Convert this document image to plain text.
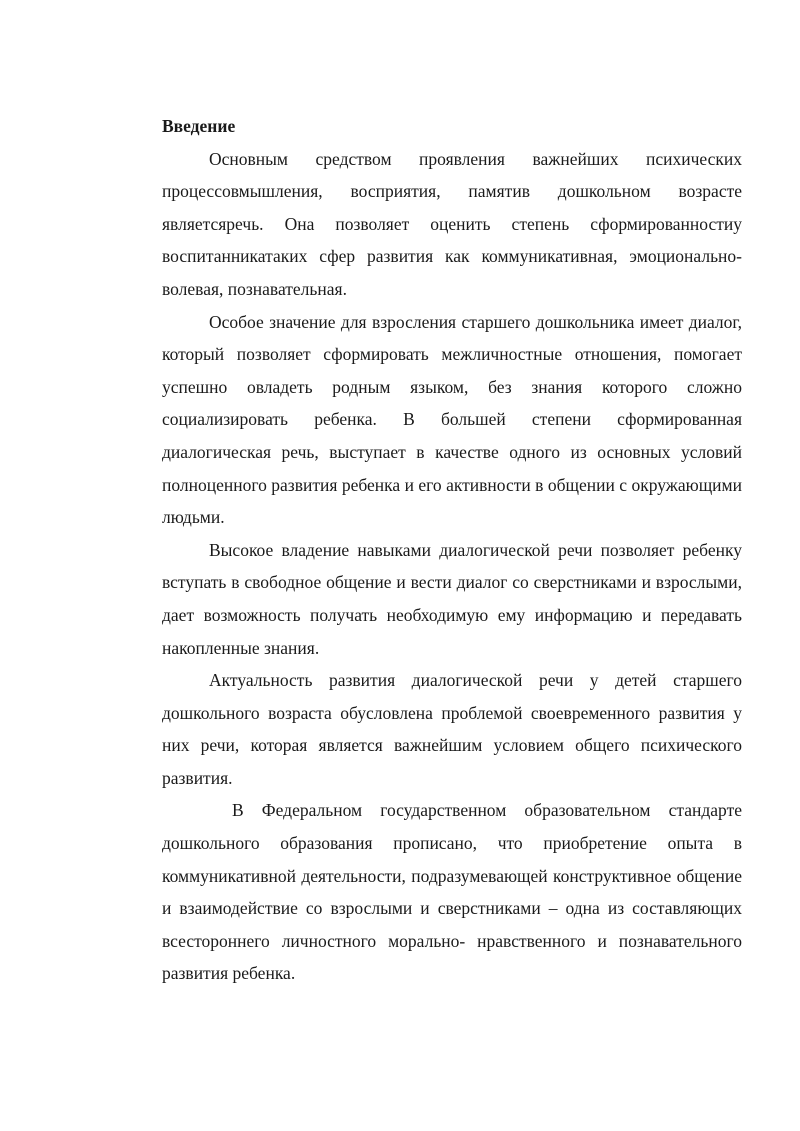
Введение

Основным средством проявления важнейших психических
процессовмышления, восприятия, памятив дошкольном возрасте
являетсяречь. Она позволяет оценить степень сформированностиу
воспитанникатаких сфер развития как коммуникативная, эмоционально-
волевая, познавательная.

Особое значение для взросления старшего дошкольника имеет диалог,
который позволяет сформировать межличностные отношения, помогает
успешно овладеть родным языком, без знания которого сложно
социализировать ребенка. В большей степени сформированная
диалогическая речь, выступает в качестве одного из основных условий
полноценного развития ребенка и его активности в общении с окружающими
людьми.

Высокое владение навыками диалогической речи позволяет ребенку
вступать в свободное общение и вести диалог со сверстниками и взрослыми,
дает возможность получать необходимую ему информацию и передавать
накопленные знания.

Актуальность развития диалогической речи у детей старшего
дошкольного возраста обусловлена проблемой своевременного развития у
них речи, которая является важнейшим условием общего психического
развития.

В Федеральном государственном образовательном стандарте
дошкольного образования прописано, что приобретение опыта в
коммуникативной деятельности, подразумевающей конструктивное общение
и взаимодействие со взрослыми и сверстниками – одна из составляющих
всестороннего личностного морально- нравственного и познавательного
развития ребенка.
